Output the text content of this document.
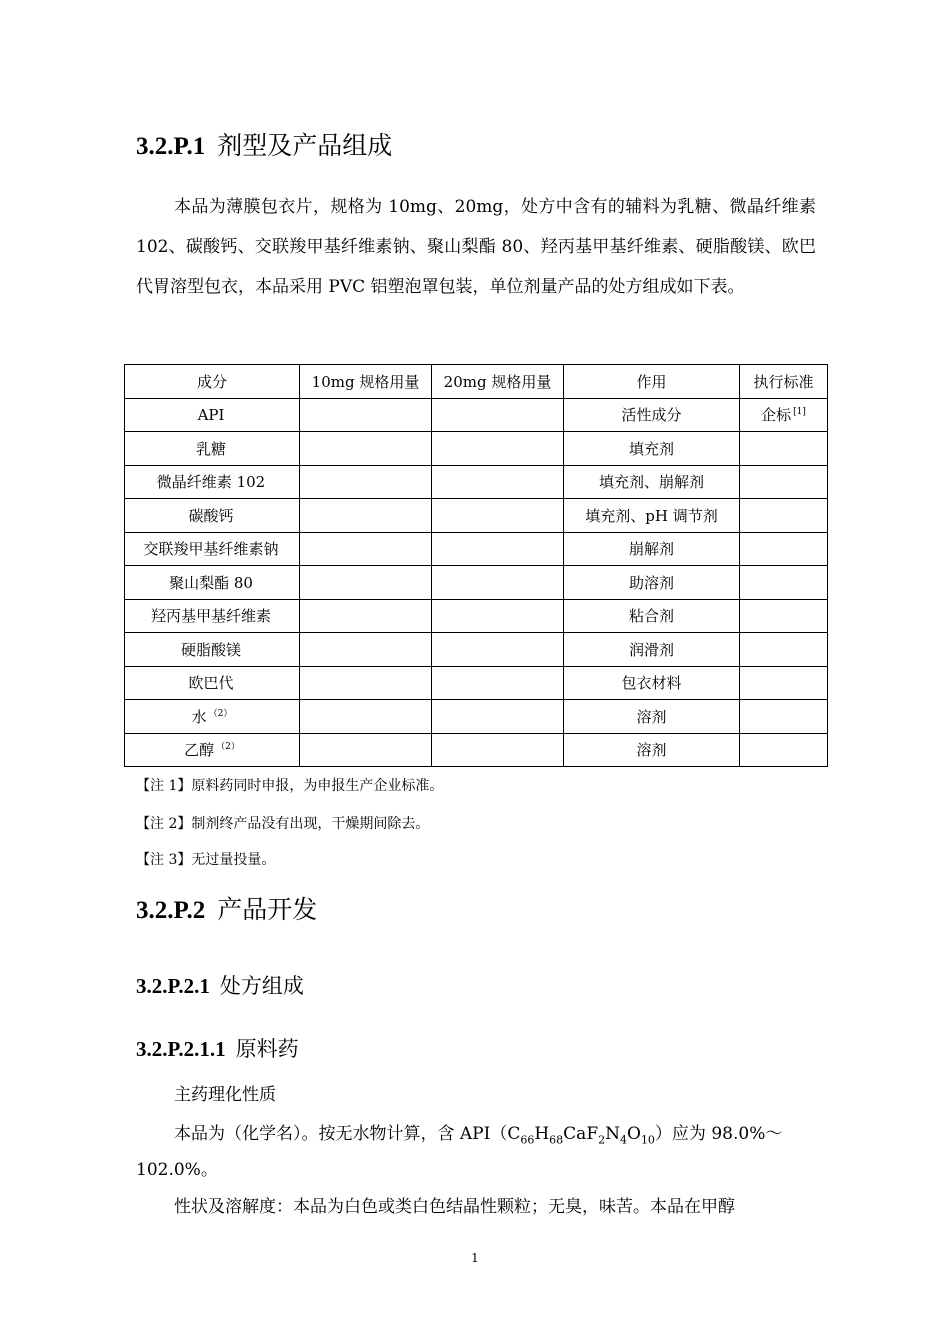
3.2.P.1 剂型及产品组成

本品为薄膜包衣片，规格为 10mg、20mg，处方中含有的辅料为乳糖、微晶纤维素 102、碳酸钙、交联羧甲基纤维素钠、聚山梨酯 80、羟丙基甲基纤维素、硬脂酸镁、欧巴代胃溶型包衣，本品采用 PVC 铝塑泡罩包装，单位剂量产品的处方组成如下表。

成分	10mg 规格用量	20mg 规格用量	作用	执行标准
API			活性成分	企标 [1]
乳糖			填充剂	
微晶纤维素 102			填充剂、崩解剂	
碳酸钙			填充剂、pH 调节剂	
交联羧甲基纤维素钠			崩解剂	
聚山梨酯 80			助溶剂	
羟丙基甲基纤维素			粘合剂	
硬脂酸镁			润滑剂	
欧巴代			包衣材料	
水 $^{(2)}$			溶剂	
乙醇 $^{(2)}$			溶剂	
【注 1】原料药同时申报，为申报生产企业标准。
【注 2】制剂终产品没有出现，干燥期间除去。
【注 3】无过量投量。
3.2.P.2 产品开发
3.2.P.2.1 处方组成
3.2.P.2.1.1 原料药
主药理化性质
本品为（化学名）。按无水物计算，含 $API(C_{66}H_{68}CaF_2N_4O_{10})$应为 98.0%～
102.0%。
性状及溶解度：本品为白色或类白色结晶性颗粒；无臭，味苦。本品在甲醇
1
